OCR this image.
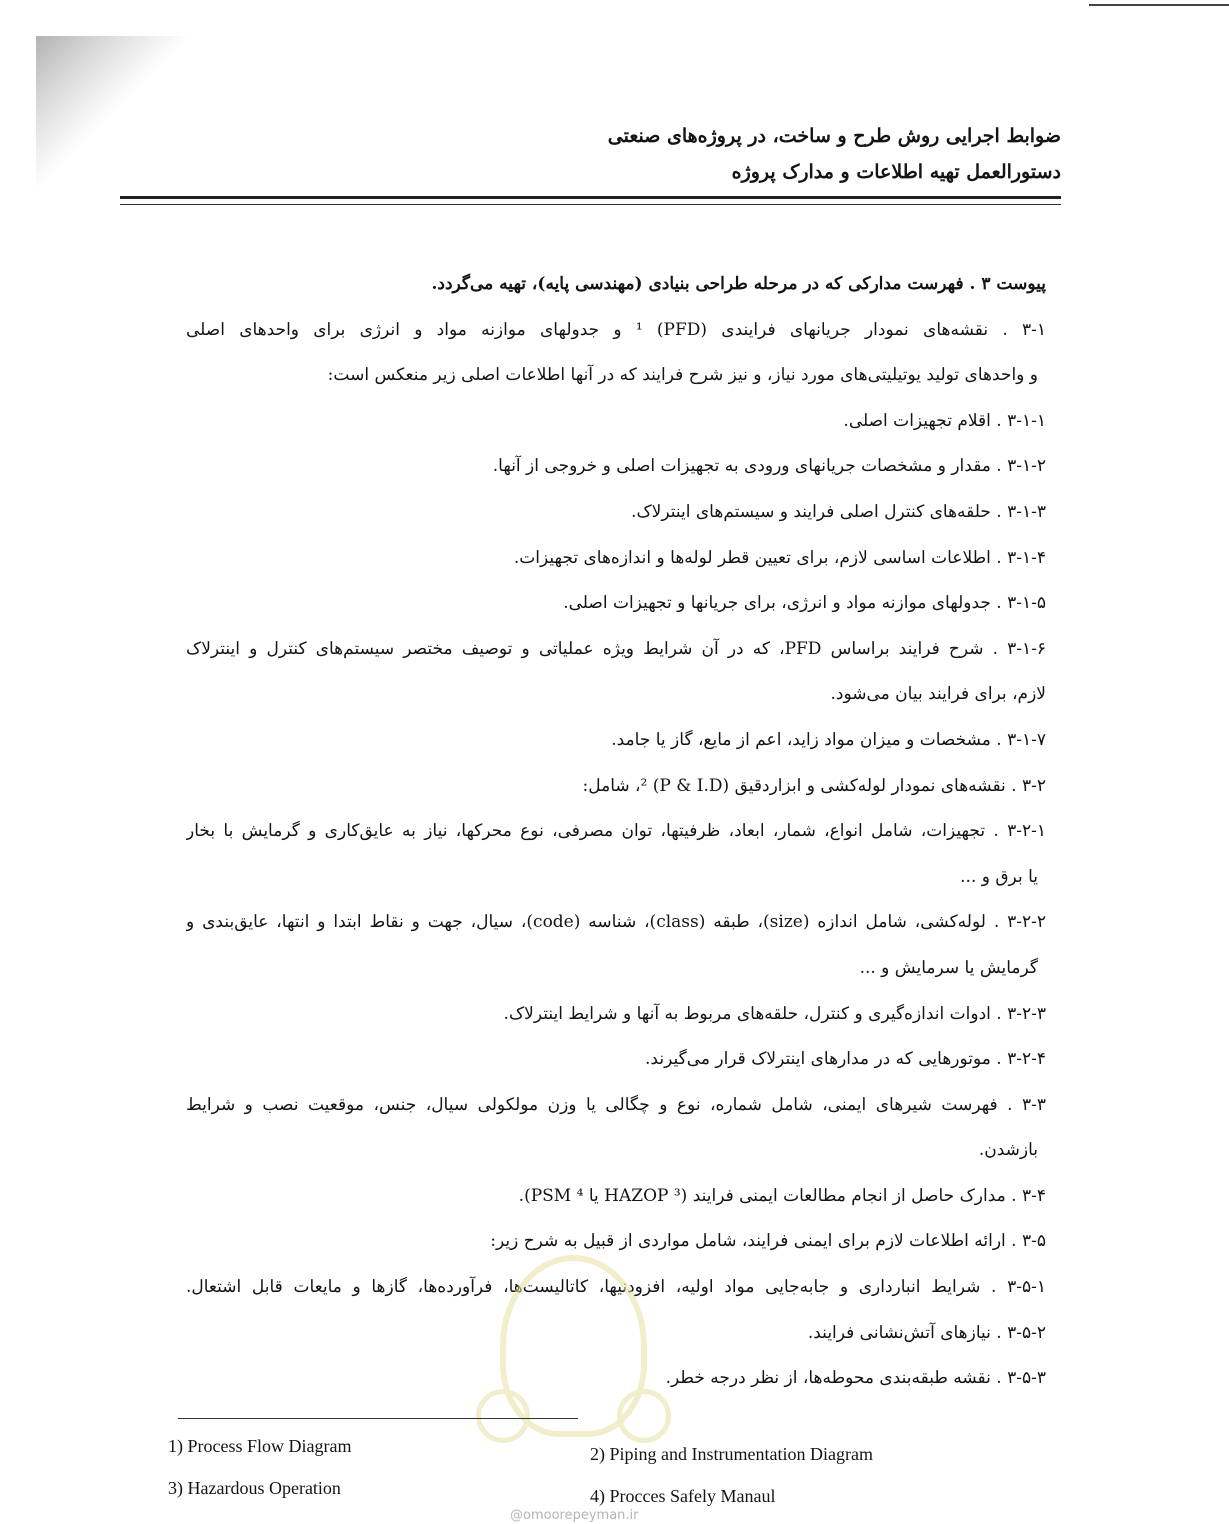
ضوابط اجرایی روش طرح و ساخت، در پروژه‌های صنعتی
دستورالعمل تهیه اطلاعات و مدارک پروژه
پیوست ۳ . فهرست مدارکی که در مرحله طراحی بنیادی (مهندسی پایه)، تهیه می‌گردد.
۳-۱ . نقشه‌های نمودار جریانهای فرایندی (PFD) ¹ و جدولهای موازنه مواد و انرژی برای واحدهای اصلی
و واحدهای تولید یوتیلیتی‌های مورد نیاز، و نیز شرح فرایند که در آنها اطلاعات اصلی زیر منعکس است:
۳-۱-۱ . اقلام تجهیزات اصلی.
۳-۱-۲ . مقدار و مشخصات جریانهای ورودی به تجهیزات اصلی و خروجی از آنها.
۳-۱-۳ . حلقه‌های کنترل اصلی فرایند و سیستم‌های اینترلاک.
۳-۱-۴ . اطلاعات اساسی لازم، برای تعیین قطر لوله‌ها و اندازه‌های تجهیزات.
۳-۱-۵ . جدولهای موازنه مواد و انرژی، برای جریانها و تجهیزات اصلی.
۳-۱-۶ . شرح فرایند براساس PFD، که در آن شرایط ویژه عملیاتی و توصیف مختصر سیستم‌های کنترل و اینترلاک
لازم، برای فرایند بیان می‌شود.
۳-۱-۷ . مشخصات و میزان مواد زاید، اعم از مایع، گاز یا جامد.
۳-۲ . نقشه‌های نمودار لوله‌کشی و ابزاردقیق (P & I.D) ²، شامل:
۳-۲-۱ . تجهیزات، شامل انواع، شمار، ابعاد، ظرفیتها، توان مصرفی، نوع محرکها، نیاز به عایق‌کاری و گرمایش با بخار
یا برق و ...
۳-۲-۲ . لوله‌کشی، شامل اندازه (size)، طبقه (class)، شناسه (code)، سیال، جهت و نقاط ابتدا و انتها، عایق‌بندی و
گرمایش یا سرمایش و ...
۳-۲-۳ . ادوات اندازه‌گیری و کنترل، حلقه‌های مربوط به آنها و شرایط اینترلاک.
۳-۲-۴ . موتورهایی که در مدارهای اینترلاک قرار می‌گیرند.
۳-۳ . فهرست شیرهای ایمنی، شامل شماره، نوع و چگالی یا وزن مولکولی سیال، جنس، موقعیت نصب و شرایط
بازشدن.
۳-۴ . مدارک حاصل از انجام مطالعات ایمنی فرایند (HAZOP ³ یا PSM ⁴).
۳-۵ . ارائه اطلاعات لازم برای ایمنی فرایند، شامل مواردی از قبیل به شرح زیر:
۳-۵-۱ . شرایط انبارداری و جابه‌جایی مواد اولیه، افزودنیها، کاتالیست‌ها، فرآورده‌ها، گازها و مایعات قابل اشتعال.
۳-۵-۲ . نیازهای آتش‌نشانی فرایند.
۳-۵-۳ . نقشه طبقه‌بندی محوطه‌ها، از نظر درجه خطر.
1) Process Flow Diagram	2) Piping and Instrumentation Diagram
3) Hazardous Operation	4) Procces Safely Manaul
@omoorepeyman.ir
